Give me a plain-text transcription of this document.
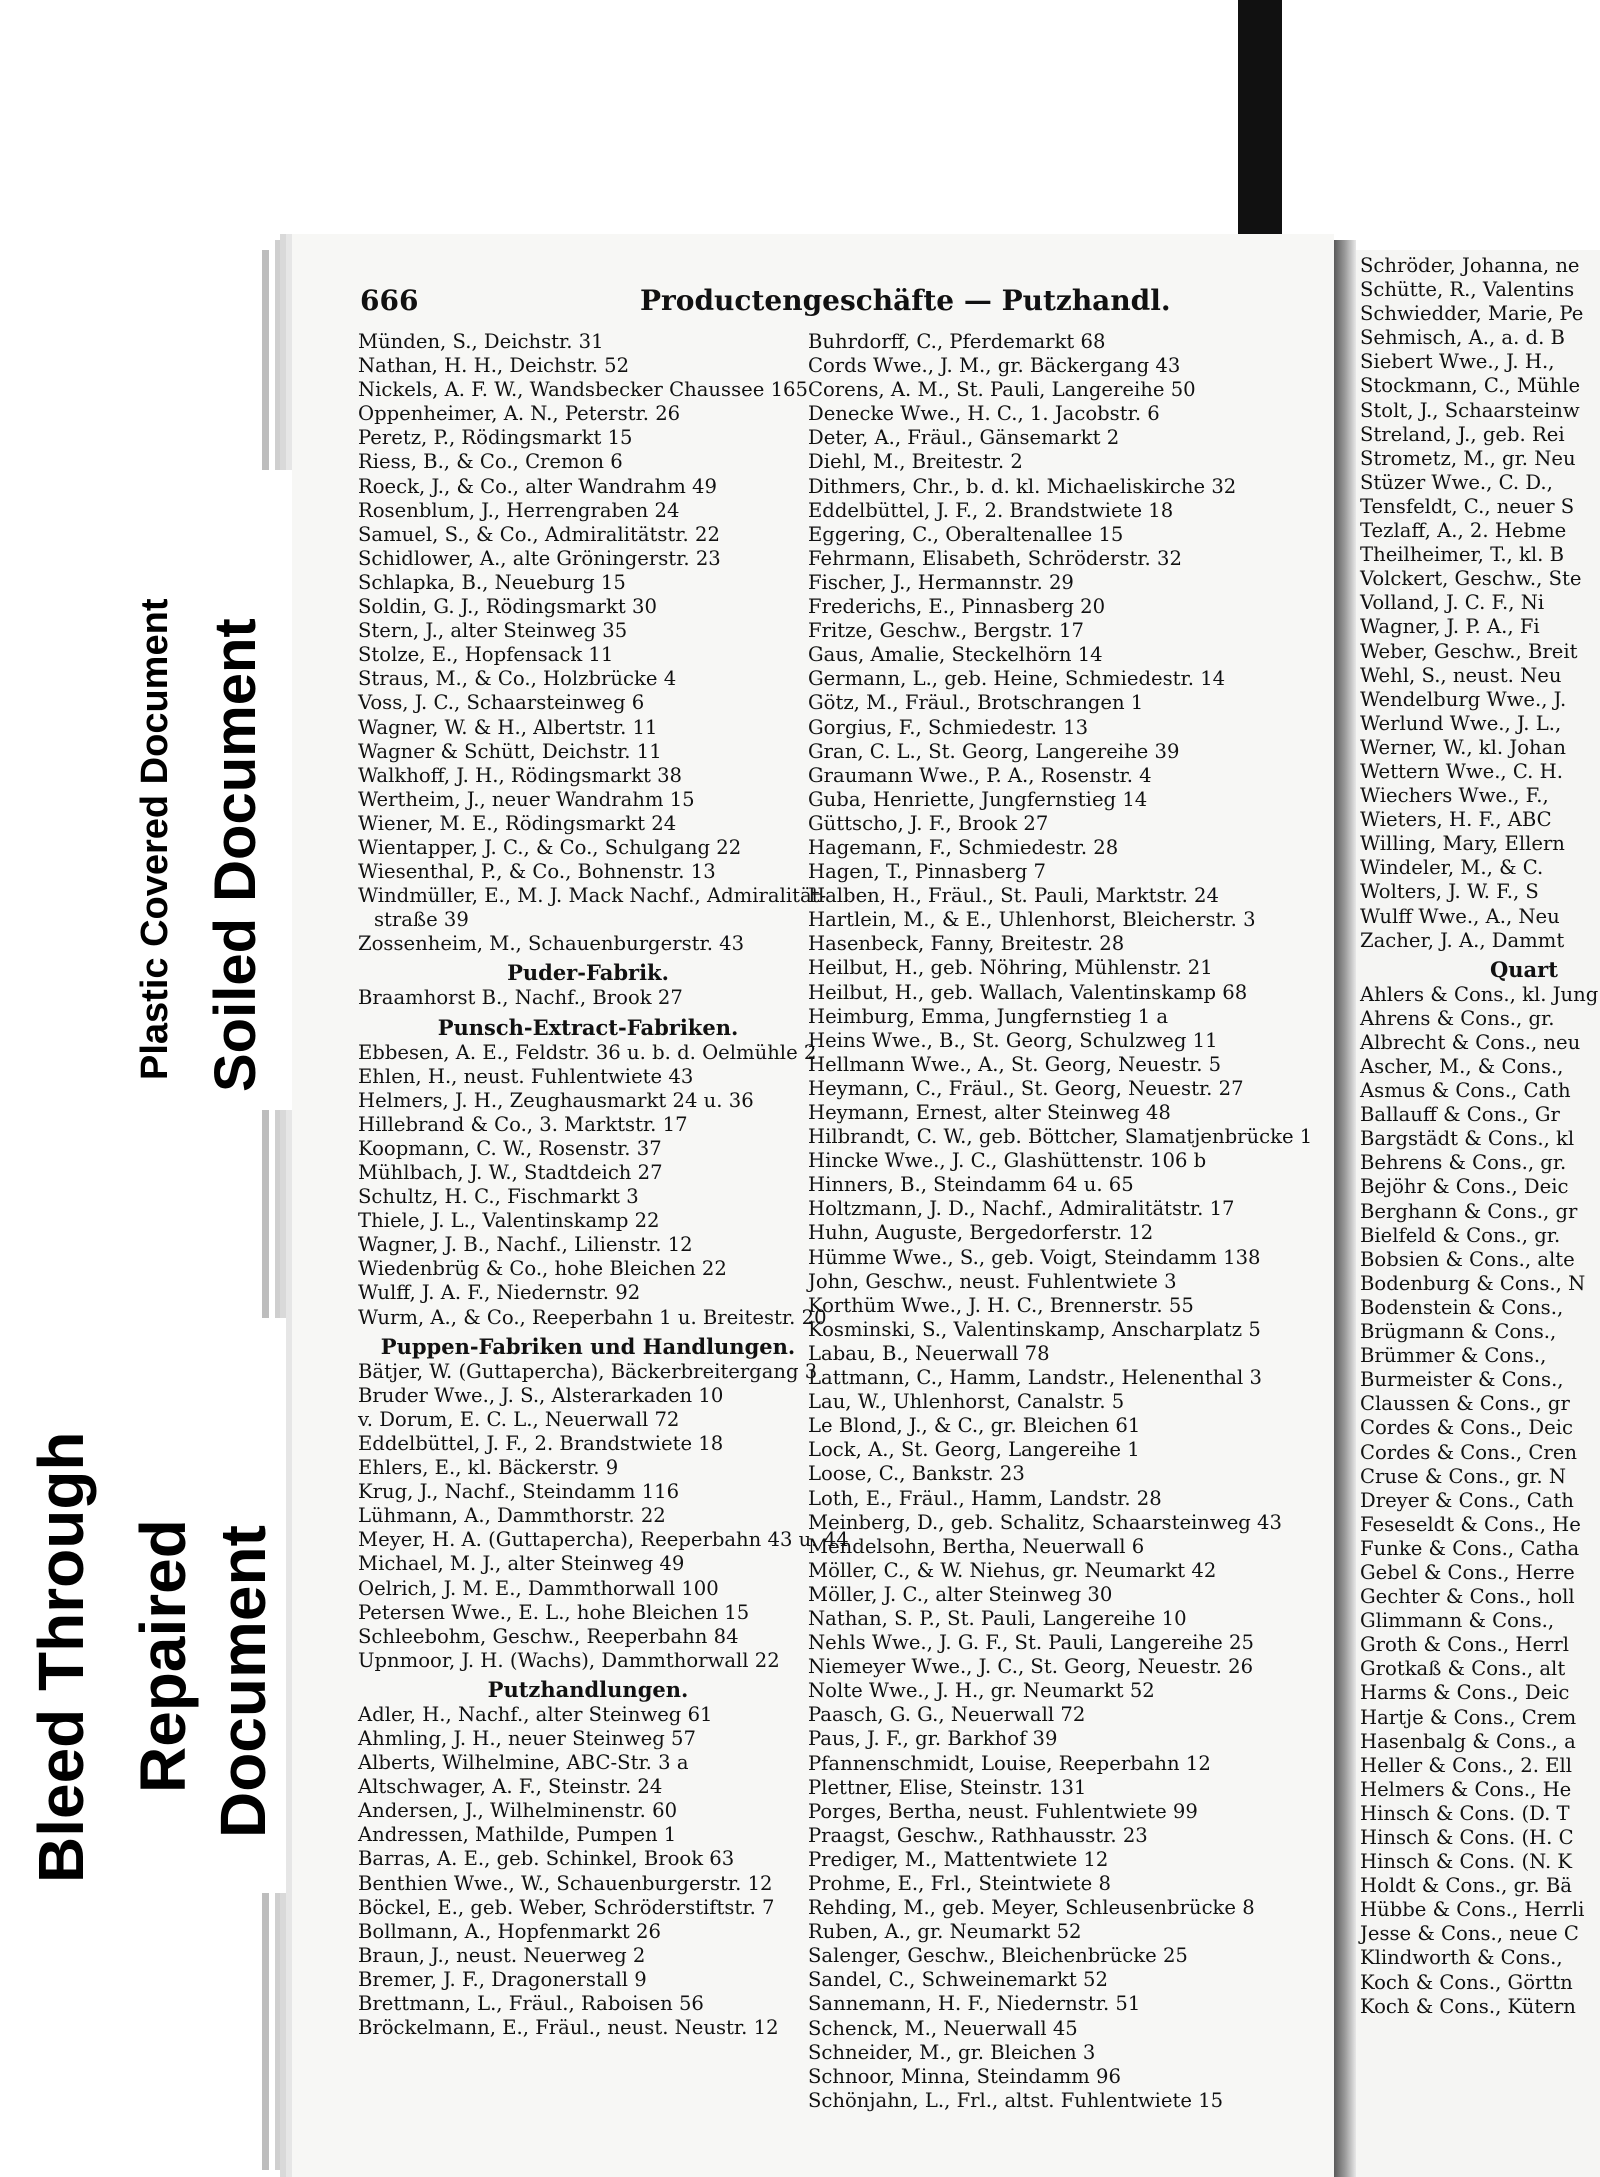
Schröder, Johanna, ne
Schütte, R., Valentins
Schwiedder, Marie, Pe
Sehmisch, A., a. d. B
Siebert Wwe., J. H.,
Stockmann, C., Mühle
Stolt, J., Schaarsteinw
Streland, J., geb. Rei
Strometz, M., gr. Neu
Stüzer Wwe., C. D.,
Tensfeldt, C., neuer S
Tezlaff, A., 2. Hebme
Theilheimer, T., kl. B
Volckert, Geschw., Ste
Volland, J. C. F., Ni
Wagner, J. P. A., Fi
Weber, Geschw., Breit
Wehl, S., neust. Neu
Wendelburg Wwe., J.
Werlund Wwe., J. L.,
Werner, W., kl. Johan
Wettern Wwe., C. H.
Wiechers Wwe., F.,
Wieters, H. F., ABC
Willing, Mary, Ellern
Windeler, M., & C.
Wolters, J. W. F., S
Wulff Wwe., A., Neu
Zacher, J. A., Dammt
Quart
Ahlers & Cons., kl. Jung
Ahrens & Cons., gr.
Albrecht & Cons., neu
Ascher, M., & Cons.,
Asmus & Cons., Cath
Ballauff & Cons., Gr
Bargstädt & Cons., kl
Behrens & Cons., gr.
Bejöhr & Cons., Deic
Berghann & Cons., gr
Bielfeld & Cons., gr.
Bobsien & Cons., alte
Bodenburg & Cons., N
Bodenstein & Cons.,
Brügmann & Cons.,
Brümmer & Cons.,
Burmeister & Cons.,
Claussen & Cons., gr
Cordes & Cons., Deic
Cordes & Cons., Cren
Cruse & Cons., gr. N
Dreyer & Cons., Cath
Feseseldt & Cons., He
Funke & Cons., Catha
Gebel & Cons., Herre
Gechter & Cons., holl
Glimmann & Cons.,
Groth & Cons., Herrl
Grotkaß & Cons., alt
Harms & Cons., Deic
Hartje & Cons., Crem
Hasenbalg & Cons., a
Heller & Cons., 2. Ell
Helmers & Cons., He
Hinsch & Cons. (D. T
Hinsch & Cons. (H. C
Hinsch & Cons. (N. K
Holdt & Cons., gr. Bä
Hübbe & Cons., Herrli
Jesse & Cons., neue C
Klindworth & Cons.,
Koch & Cons., Görttn
Koch & Cons., Kütern
666	Productengeschäfte — Putzhandl.
Münden, S., Deichstr. 31
Nathan, H. H., Deichstr. 52
Nickels, A. F. W., Wandsbecker Chaussee 165
Oppenheimer, A. N., Peterstr. 26
Peretz, P., Rödingsmarkt 15
Riess, B., & Co., Cremon 6
Roeck, J., & Co., alter Wandrahm 49
Rosenblum, J., Herrengraben 24
Samuel, S., & Co., Admiralitätstr. 22
Schidlower, A., alte Gröningerstr. 23
Schlapka, B., Neueburg 15
Soldin, G. J., Rödingsmarkt 30
Stern, J., alter Steinweg 35
Stolze, E., Hopfensack 11
Straus, M., & Co., Holzbrücke 4
Voss, J. C., Schaarsteinweg 6
Wagner, W. & H., Albertstr. 11
Wagner & Schütt, Deichstr. 11
Walkhoff, J. H., Rödingsmarkt 38
Wertheim, J., neuer Wandrahm 15
Wiener, M. E., Rödingsmarkt 24
Wientapper, J. C., & Co., Schulgang 22
Wiesenthal, P., & Co., Bohnenstr. 13
Windmüller, E., M. J. Mack Nachf., Admiralität-
straße 39
Zossenheim, M., Schauenburgerstr. 43
Puder-Fabrik.
Braamhorst B., Nachf., Brook 27
Punsch-Extract-Fabriken.
Ebbesen, A. E., Feldstr. 36 u. b. d. Oelmühle 2
Ehlen, H., neust. Fuhlentwiete 43
Helmers, J. H., Zeughausmarkt 24 u. 36
Hillebrand & Co., 3. Marktstr. 17
Koopmann, C. W., Rosenstr. 37
Mühlbach, J. W., Stadtdeich 27
Schultz, H. C., Fischmarkt 3
Thiele, J. L., Valentinskamp 22
Wagner, J. B., Nachf., Lilienstr. 12
Wiedenbrüg & Co., hohe Bleichen 22
Wulff, J. A. F., Niedernstr. 92
Wurm, A., & Co., Reeperbahn 1 u. Breitestr. 20
Puppen-Fabriken und Handlungen.
Bätjer, W. (Guttapercha), Bäckerbreitergang 3
Bruder Wwe., J. S., Alsterarkaden 10
v. Dorum, E. C. L., Neuerwall 72
Eddelbüttel, J. F., 2. Brandstwiete 18
Ehlers, E., kl. Bäckerstr. 9
Krug, J., Nachf., Steindamm 116
Lühmann, A., Dammthorstr. 22
Meyer, H. A. (Guttapercha), Reeperbahn 43 u. 44
Michael, M. J., alter Steinweg 49
Oelrich, J. M. E., Dammthorwall 100
Petersen Wwe., E. L., hohe Bleichen 15
Schleebohm, Geschw., Reeperbahn 84
Upnmoor, J. H. (Wachs), Dammthorwall 22
Putzhandlungen.
Adler, H., Nachf., alter Steinweg 61
Ahmling, J. H., neuer Steinweg 57
Alberts, Wilhelmine, ABC-Str. 3 a
Altschwager, A. F., Steinstr. 24
Andersen, J., Wilhelminenstr. 60
Andressen, Mathilde, Pumpen 1
Barras, A. E., geb. Schinkel, Brook 63
Benthien Wwe., W., Schauenburgerstr. 12
Böckel, E., geb. Weber, Schröderstiftstr. 7
Bollmann, A., Hopfenmarkt 26
Braun, J., neust. Neuerweg 2
Bremer, J. F., Dragonerstall 9
Brettmann, L., Fräul., Raboisen 56
Bröckelmann, E., Fräul., neust. Neustr. 12
Buhrdorff, C., Pferdemarkt 68
Cords Wwe., J. M., gr. Bäckergang 43
Corens, A. M., St. Pauli, Langereihe 50
Denecke Wwe., H. C., 1. Jacobstr. 6
Deter, A., Fräul., Gänsemarkt 2
Diehl, M., Breitestr. 2
Dithmers, Chr., b. d. kl. Michaeliskirche 32
Eddelbüttel, J. F., 2. Brandstwiete 18
Eggering, C., Oberaltenallee 15
Fehrmann, Elisabeth, Schröderstr. 32
Fischer, J., Hermannstr. 29
Frederichs, E., Pinnasberg 20
Fritze, Geschw., Bergstr. 17
Gaus, Amalie, Steckelhörn 14
Germann, L., geb. Heine, Schmiedestr. 14
Götz, M., Fräul., Brotschrangen 1
Gorgius, F., Schmiedestr. 13
Gran, C. L., St. Georg, Langereihe 39
Graumann Wwe., P. A., Rosenstr. 4
Guba, Henriette, Jungfernstieg 14
Güttscho, J. F., Brook 27
Hagemann, F., Schmiedestr. 28
Hagen, T., Pinnasberg 7
Halben, H., Fräul., St. Pauli, Marktstr. 24
Hartlein, M., & E., Uhlenhorst, Bleicherstr. 3
Hasenbeck, Fanny, Breitestr. 28
Heilbut, H., geb. Nöhring, Mühlenstr. 21
Heilbut, H., geb. Wallach, Valentinskamp 68
Heimburg, Emma, Jungfernstieg 1 a
Heins Wwe., B., St. Georg, Schulzweg 11
Hellmann Wwe., A., St. Georg, Neuestr. 5
Heymann, C., Fräul., St. Georg, Neuestr. 27
Heymann, Ernest, alter Steinweg 48
Hilbrandt, C. W., geb. Böttcher, Slamatjenbrücke 1
Hincke Wwe., J. C., Glashüttenstr. 106 b
Hinners, B., Steindamm 64 u. 65
Holtzmann, J. D., Nachf., Admiralitätstr. 17
Huhn, Auguste, Bergedorferstr. 12
Hümme Wwe., S., geb. Voigt, Steindamm 138
John, Geschw., neust. Fuhlentwiete 3
Korthüm Wwe., J. H. C., Brennerstr. 55
Kosminski, S., Valentinskamp, Anscharplatz 5
Labau, B., Neuerwall 78
Lattmann, C., Hamm, Landstr., Helenenthal 3
Lau, W., Uhlenhorst, Canalstr. 5
Le Blond, J., & C., gr. Bleichen 61
Lock, A., St. Georg, Langereihe 1
Loose, C., Bankstr. 23
Loth, E., Fräul., Hamm, Landstr. 28
Meinberg, D., geb. Schalitz, Schaarsteinweg 43
Mendelsohn, Bertha, Neuerwall 6
Möller, C., & W. Niehus, gr. Neumarkt 42
Möller, J. C., alter Steinweg 30
Nathan, S. P., St. Pauli, Langereihe 10
Nehls Wwe., J. G. F., St. Pauli, Langereihe 25
Niemeyer Wwe., J. C., St. Georg, Neuestr. 26
Nolte Wwe., J. H., gr. Neumarkt 52
Paasch, G. G., Neuerwall 72
Paus, J. F., gr. Barkhof 39
Pfannenschmidt, Louise, Reeperbahn 12
Plettner, Elise, Steinstr. 131
Porges, Bertha, neust. Fuhlentwiete 99
Praagst, Geschw., Rathhausstr. 23
Prediger, M., Mattentwiete 12
Prohme, E., Frl., Steintwiete 8
Rehding, M., geb. Meyer, Schleusenbrücke 8
Ruben, A., gr. Neumarkt 52
Salenger, Geschw., Bleichenbrücke 25
Sandel, C., Schweinemarkt 52
Sannemann, H. F., Niedernstr. 51
Schenck, M., Neuerwall 45
Schneider, M., gr. Bleichen 3
Schnoor, Minna, Steindamm 96
Schönjahn, L., Frl., altst. Fuhlentwiete 15
Plastic Covered Document Soiled Document
Bleed Through Repaired Document
